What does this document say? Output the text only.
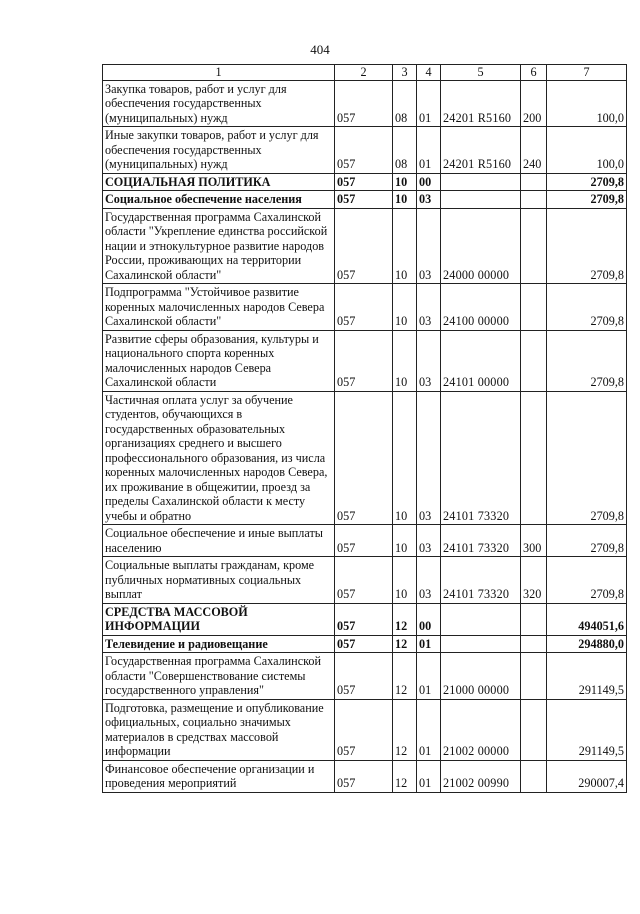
404
1	2	3	4	5	6	7
Закупка товаров, работ и услуг для обеспечения государственных (муниципальных) нужд	057	08	01	24201 R5160	200	100,0
Иные закупки товаров, работ и услуг для обеспечения государственных (муниципальных) нужд	057	08	01	24201 R5160	240	100,0
СОЦИАЛЬНАЯ ПОЛИТИКА	057	10	00			2709,8
Социальное обеспечение населения	057	10	03			2709,8
Государственная программа Сахалинской области "Укрепление единства российской нации и этнокультурное развитие народов России, проживающих на территории Сахалинской области"	057	10	03	24000 00000		2709,8
Подпрограмма "Устойчивое развитие коренных малочисленных народов Севера Сахалинской области"	057	10	03	24100 00000		2709,8
Развитие сферы образования, культуры и национального спорта коренных малочисленных народов Севера Сахалинской области	057	10	03	24101 00000		2709,8
Частичная оплата услуг за обучение студентов, обучающихся в государственных образовательных организациях среднего и высшего профессионального образования, из числа коренных малочисленных народов Севера, их проживание в общежитии, проезд за пределы Сахалинской области к месту учебы и обратно	057	10	03	24101 73320		2709,8
Социальное обеспечение и иные выплаты населению	057	10	03	24101 73320	300	2709,8
Социальные выплаты гражданам, кроме публичных нормативных социальных выплат	057	10	03	24101 73320	320	2709,8
СРЕДСТВА МАССОВОЙ ИНФОРМАЦИИ	057	12	00			494051,6
Телевидение и радиовещание	057	12	01			294880,0
Государственная программа Сахалинской области "Совершенствование системы государственного управления"	057	12	01	21000 00000		291149,5
Подготовка, размещение и опубликование официальных, социально значимых материалов в средствах массовой информации	057	12	01	21002 00000		291149,5
Финансовое обеспечение организации и проведения мероприятий	057	12	01	21002 00990		290007,4
